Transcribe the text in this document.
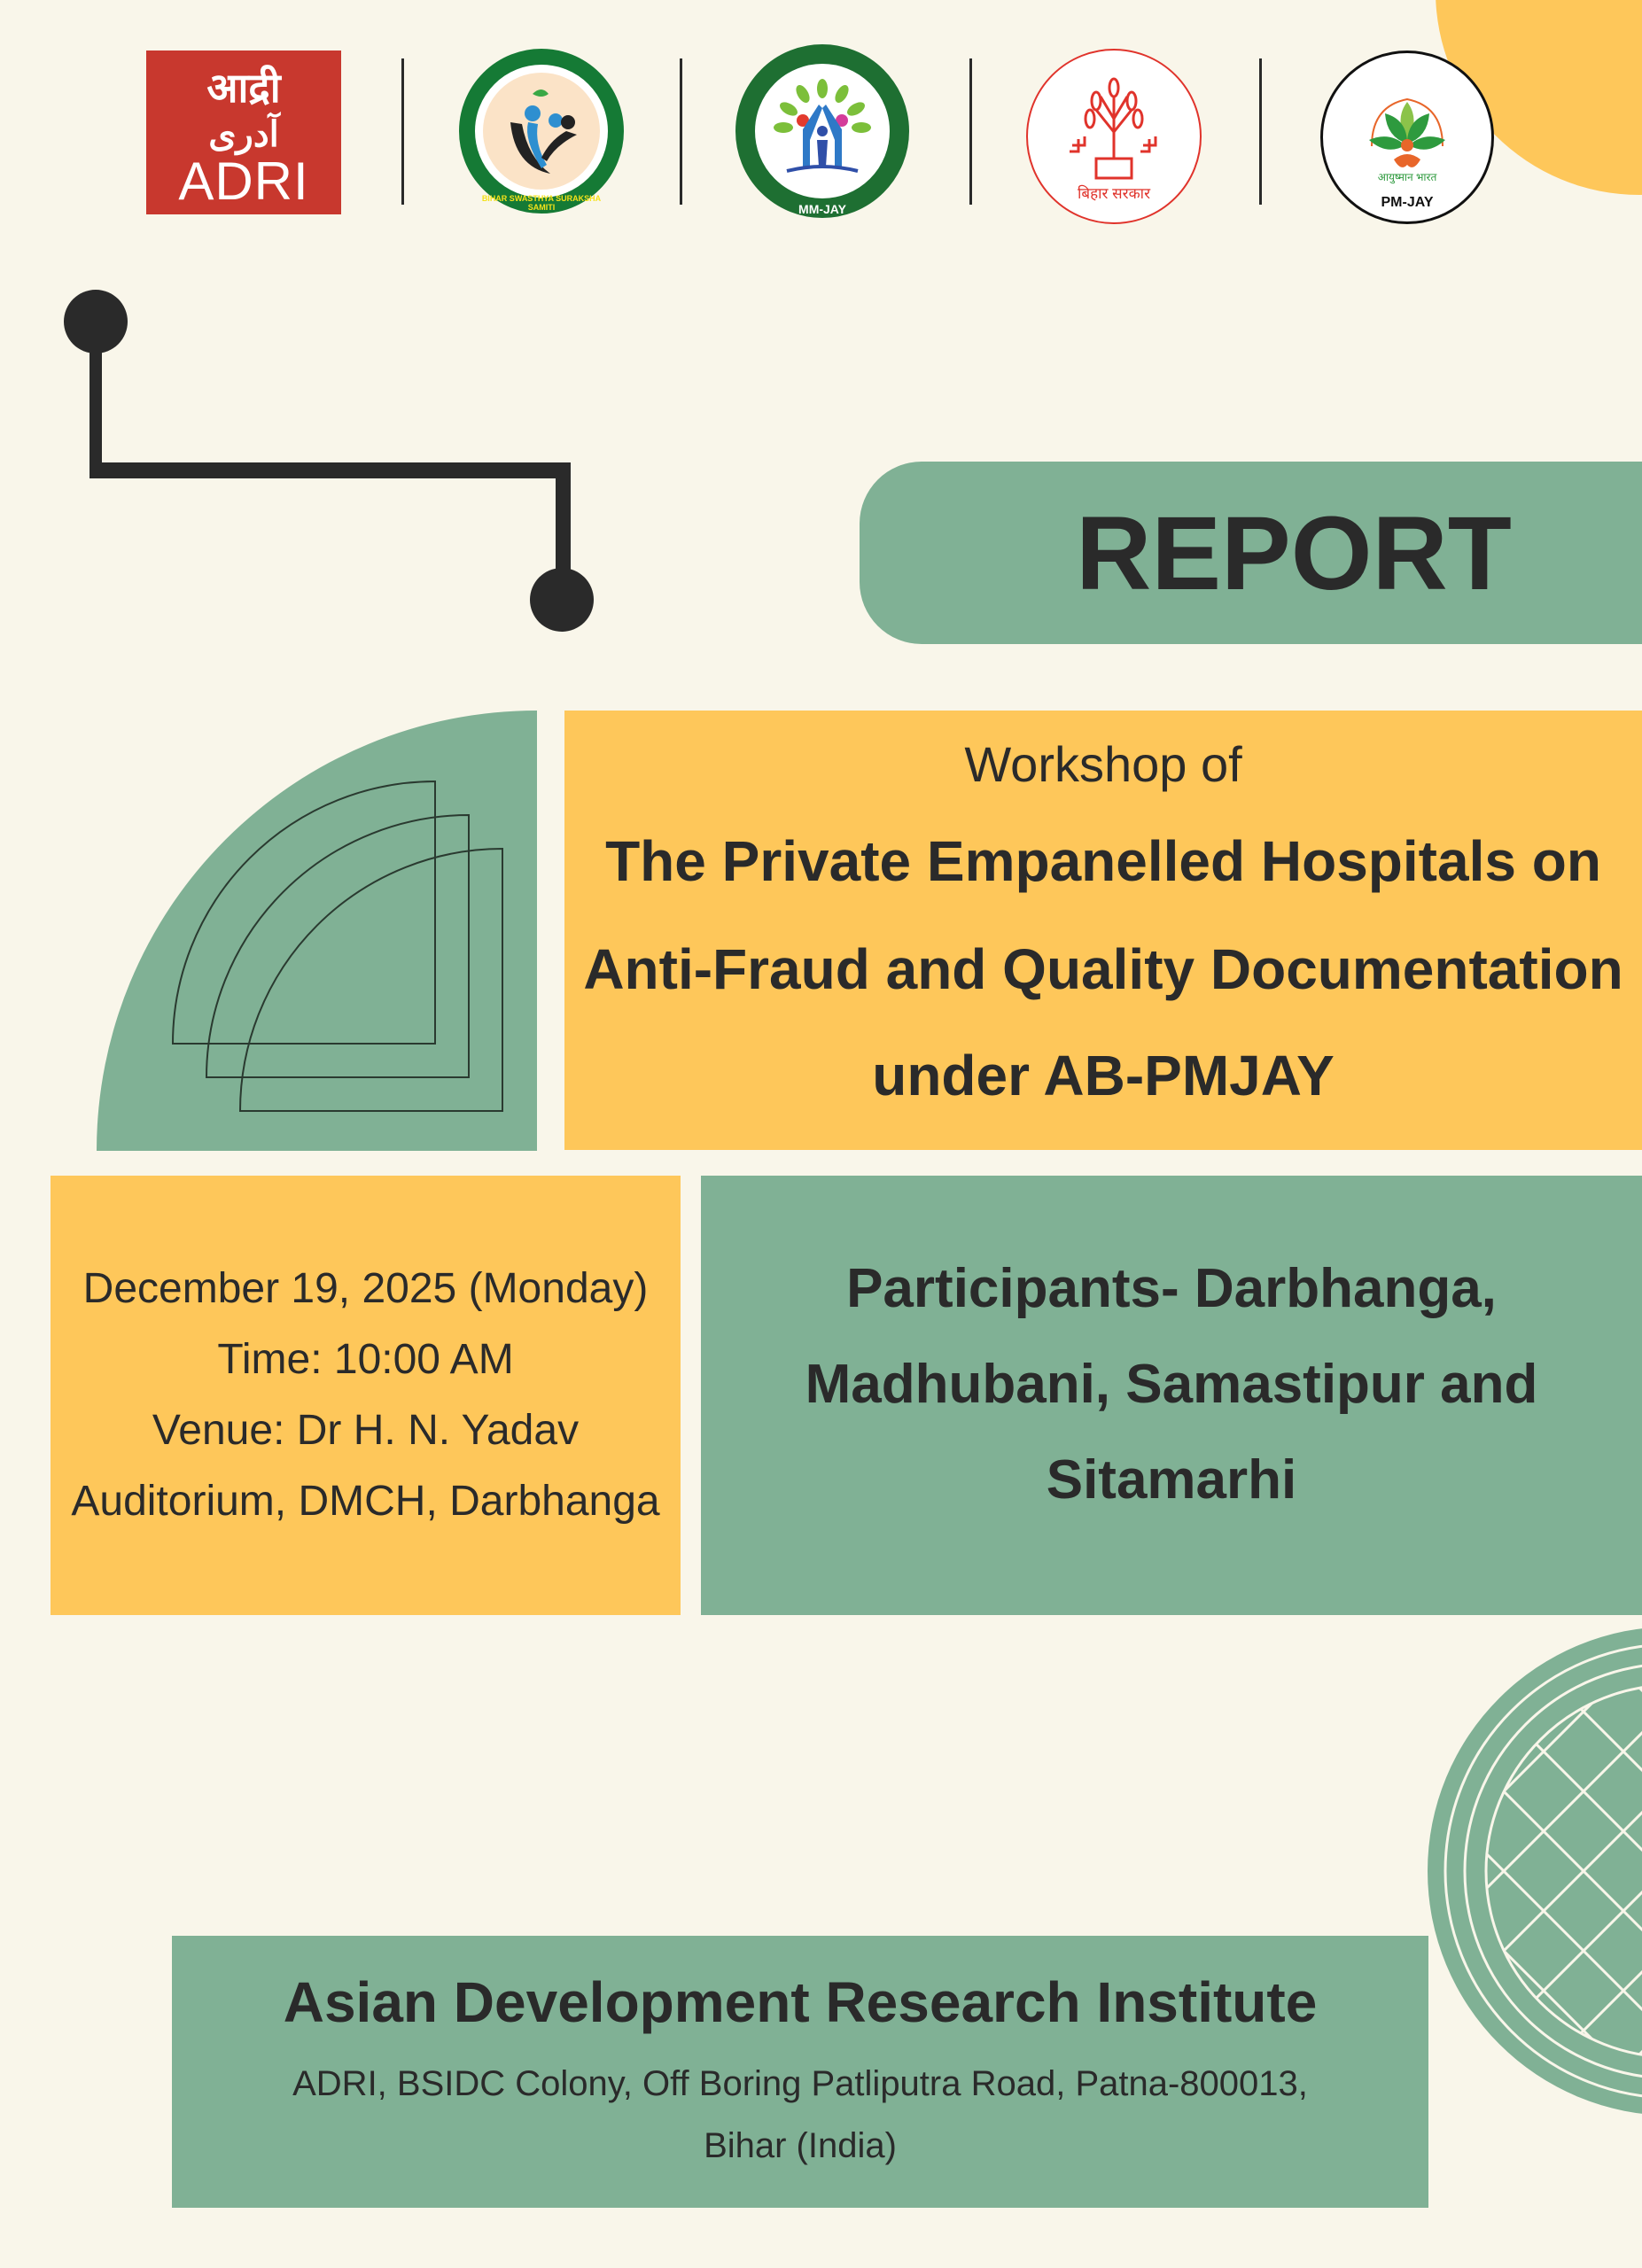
आद्री
آدری
ADRI	BIHAR SWASTHYA SURAKSHA SAMITI	MM-JAY
बिहार सरकार
आयुष्मान भारत
PM-JAY
REPORT
Workshop of
The Private Empanelled Hospitals on
Anti-Fraud and Quality Documentation
under AB-PMJAY
December 19, 2025 (Monday)
Time: 10:00 AM
Venue: Dr H. N. Yadav
Auditorium, DMCH, Darbhanga
Participants- Darbhanga,
Madhubani, Samastipur and
Sitamarhi
Asian Development Research Institute
ADRI, BSIDC Colony, Off Boring Patliputra Road, Patna-800013,
Bihar (India)
